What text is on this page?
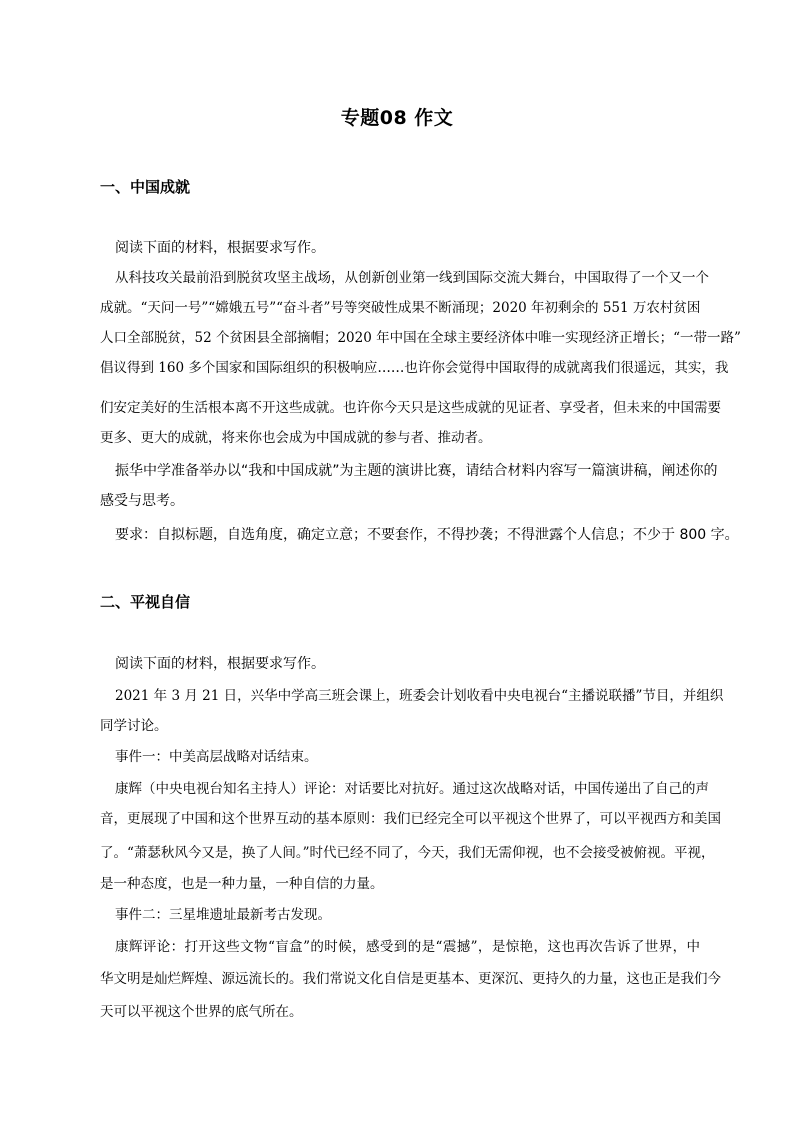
专题08 作文
一、中国成就
阅读下面的材料，根据要求写作。
从科技攻关最前沿到脱贫攻坚主战场，从创新创业第一线到国际交流大舞台，中国取得了一个又一个
成就。“天问一号”“嫦娥五号”“奋斗者”号等突破性成果不断涌现；2020 年初剩余的 551 万农村贫困
人口全部脱贫，52 个贫困县全部摘帽；2020 年中国在全球主要经济体中唯一实现经济正增长；“一带一路”
倡议得到 160 多个国家和国际组织的积极响应……也许你会觉得中国取得的成就离我们很遥远，其实，我
们安定美好的生活根本离不开这些成就。也许你今天只是这些成就的见证者、享受者，但未来的中国需要
更多、更大的成就，将来你也会成为中国成就的参与者、推动者。
振华中学准备举办以“我和中国成就”为主题的演讲比赛，请结合材料内容写一篇演讲稿，阐述你的
感受与思考。
要求：自拟标题，自选角度，确定立意；不要套作，不得抄袭；不得泄露个人信息；不少于 800 字。
二、平视自信
阅读下面的材料，根据要求写作。
2021 年 3 月 21 日，兴华中学高三班会课上，班委会计划收看中央电视台“主播说联播”节目，并组织
同学讨论。
事件一：中美高层战略对话结束。
康辉（中央电视台知名主持人）评论：对话要比对抗好。通过这次战略对话，中国传递出了自己的声
音，更展现了中国和这个世界互动的基本原则：我们已经完全可以平视这个世界了，可以平视西方和美国
了。“萧瑟秋风今又是，换了人间。”时代已经不同了，今天，我们无需仰视，也不会接受被俯视。平视，
是一种态度，也是一种力量，一种自信的力量。
事件二：三星堆遗址最新考古发现。
康辉评论：打开这些文物“盲盒”的时候，感受到的是“震撼”，是惊艳，这也再次告诉了世界，中
华文明是灿烂辉煌、源远流长的。我们常说文化自信是更基本、更深沉、更持久的力量，这也正是我们今
天可以平视这个世界的底气所在。
